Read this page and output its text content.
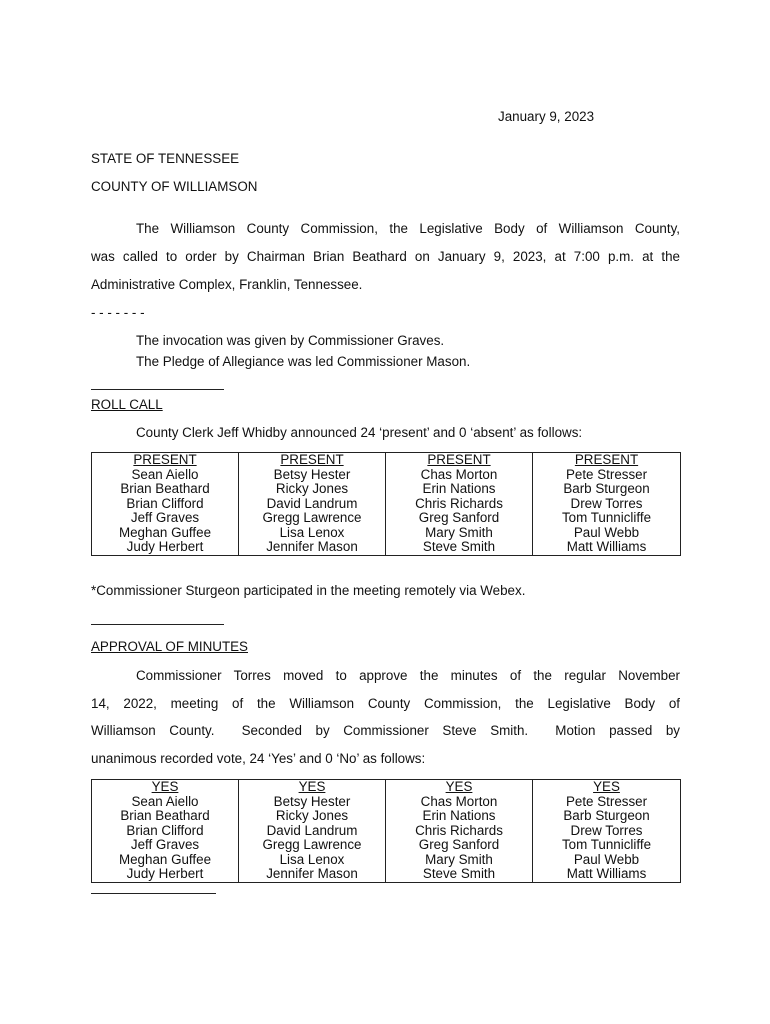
January 9, 2023
STATE OF TENNESSEE
COUNTY OF WILLIAMSON
The Williamson County Commission, the Legislative Body of Williamson County,
was called to order by Chairman Brian Beathard on January 9, 2023, at 7:00 p.m. at the
Administrative Complex, Franklin, Tennessee.
- - - - - - -
The invocation was given by Commissioner Graves.
The Pledge of Allegiance was led Commissioner Mason.
ROLL CALL
County Clerk Jeff Whidby announced 24 ‘present’ and 0 ‘absent’ as follows:
PRESENT	PRESENT	PRESENT	PRESENT
Sean Aiello	Betsy Hester	Chas Morton	Pete Stresser
Brian Beathard	Ricky Jones	Erin Nations	Barb Sturgeon
Brian Clifford	David Landrum	Chris Richards	Drew Torres
Jeff Graves	Gregg Lawrence	Greg Sanford	Tom Tunnicliffe
Meghan Guffee	Lisa Lenox	Mary Smith	Paul Webb
Judy Herbert	Jennifer Mason	Steve Smith	Matt Williams
*Commissioner Sturgeon participated in the meeting remotely via Webex.
APPROVAL OF MINUTES
Commissioner Torres moved to approve the minutes of the regular November
14, 2022, meeting of the Williamson County Commission, the Legislative Body of
Williamson County.  Seconded by Commissioner Steve Smith.  Motion passed by
unanimous recorded vote, 24 ‘Yes’ and 0 ‘No’ as follows:
YES	YES	YES	YES
Sean Aiello	Betsy Hester	Chas Morton	Pete Stresser
Brian Beathard	Ricky Jones	Erin Nations	Barb Sturgeon
Brian Clifford	David Landrum	Chris Richards	Drew Torres
Jeff Graves	Gregg Lawrence	Greg Sanford	Tom Tunnicliffe
Meghan Guffee	Lisa Lenox	Mary Smith	Paul Webb
Judy Herbert	Jennifer Mason	Steve Smith	Matt Williams
